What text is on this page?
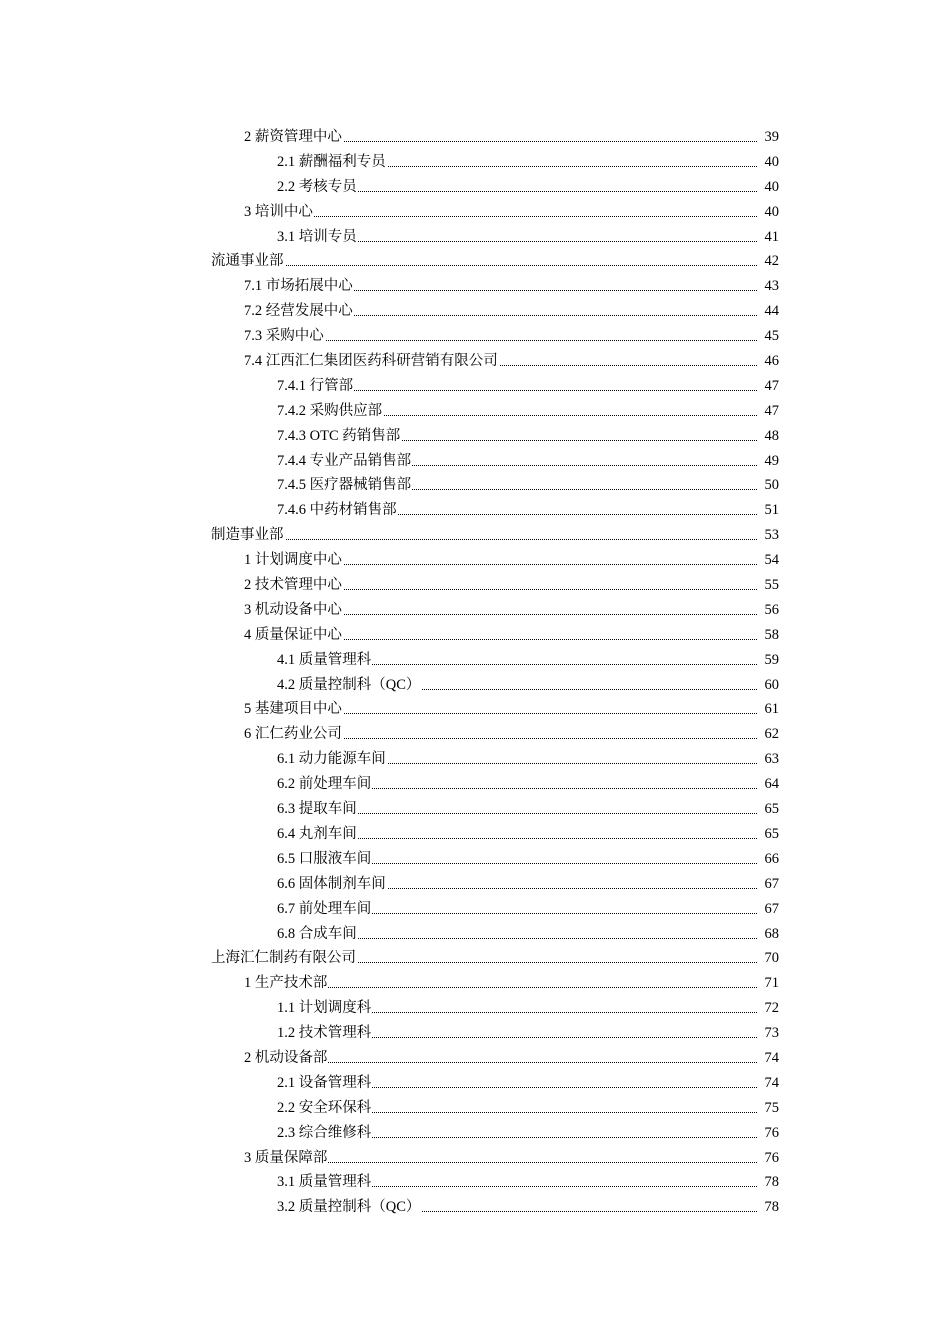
2 薪资管理中心	39
2.1 薪酬福利专员	40
2.2 考核专员	40
3 培训中心	40
3.1 培训专员	41
流通事业部	42
7.1 市场拓展中心	43
7.2 经营发展中心	44
7.3 采购中心	45
7.4 江西汇仁集团医药科研营销有限公司	46
7.4.1 行管部	47
7.4.2 采购供应部	47
7.4.3 OTC 药销售部	48
7.4.4 专业产品销售部	49
7.4.5 医疗器械销售部	50
7.4.6 中药材销售部	51
制造事业部	53
1 计划调度中心	54
2 技术管理中心	55
3 机动设备中心	56
4 质量保证中心	58
4.1 质量管理科	59
4.2 质量控制科（QC）	60
5 基建项目中心	61
6 汇仁药业公司	62
6.1 动力能源车间	63
6.2 前处理车间	64
6.3 提取车间	65
6.4 丸剂车间	65
6.5 口服液车间	66
6.6 固体制剂车间	67
6.7 前处理车间	67
6.8 合成车间	68
上海汇仁制药有限公司	70
1 生产技术部	71
1.1 计划调度科	72
1.2 技术管理科	73
2 机动设备部	74
2.1 设备管理科	74
2.2 安全环保科	75
2.3 综合维修科	76
3 质量保障部	76
3.1 质量管理科	78
3.2 质量控制科（QC）	78
